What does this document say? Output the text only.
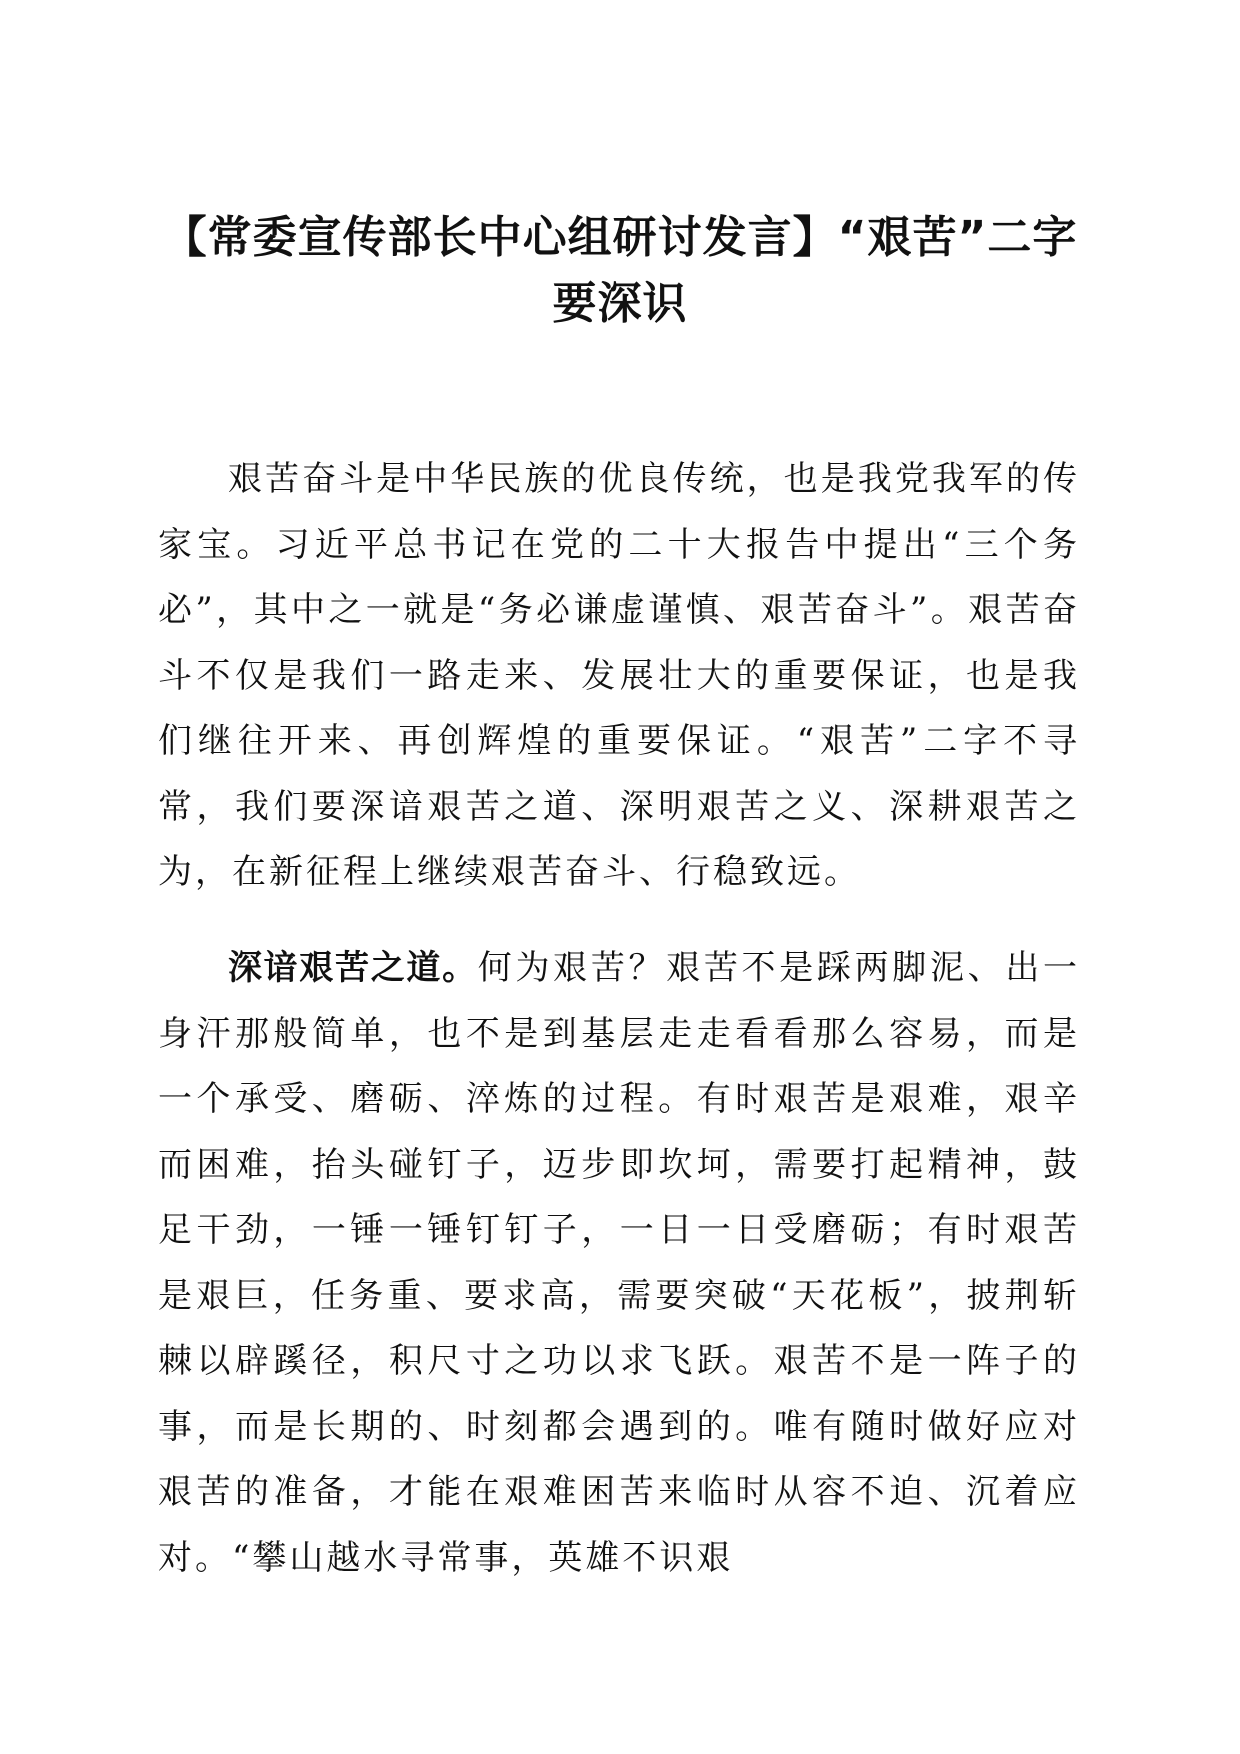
【常委宣传部长中心组研讨发言】“艰苦”二字要深识

艰苦奋斗是中华民族的优良传统，也是我党我军的传家宝。习近平总书记在党的二十大报告中提出“三个务必”，其中之一就是“务必谦虚谨慎、艰苦奋斗”。艰苦奋斗不仅是我们一路走来、发展壮大的重要保证，也是我们继往开来、再创辉煌的重要保证。“艰苦”二字不寻常，我们要深谙艰苦之道、深明艰苦之义、深耕艰苦之为，在新征程上继续艰苦奋斗、行稳致远。

深谙艰苦之道。何为艰苦？艰苦不是踩两脚泥、出一身汗那般简单，也不是到基层走走看看那么容易，而是一个承受、磨砺、淬炼的过程。有时艰苦是艰难，艰辛而困难，抬头碰钉子，迈步即坎坷，需要打起精神，鼓足干劲，一锤一锤钉钉子，一日一日受磨砺；有时艰苦是艰巨，任务重、要求高，需要突破“天花板”，披荆斩棘以辟蹊径，积尺寸之功以求飞跃。艰苦不是一阵子的事，而是长期的、时刻都会遇到的。唯有随时做好应对艰苦的准备，才能在艰难困苦来临时从容不迫、沉着应对。“攀山越水寻常事，英雄不识艰
